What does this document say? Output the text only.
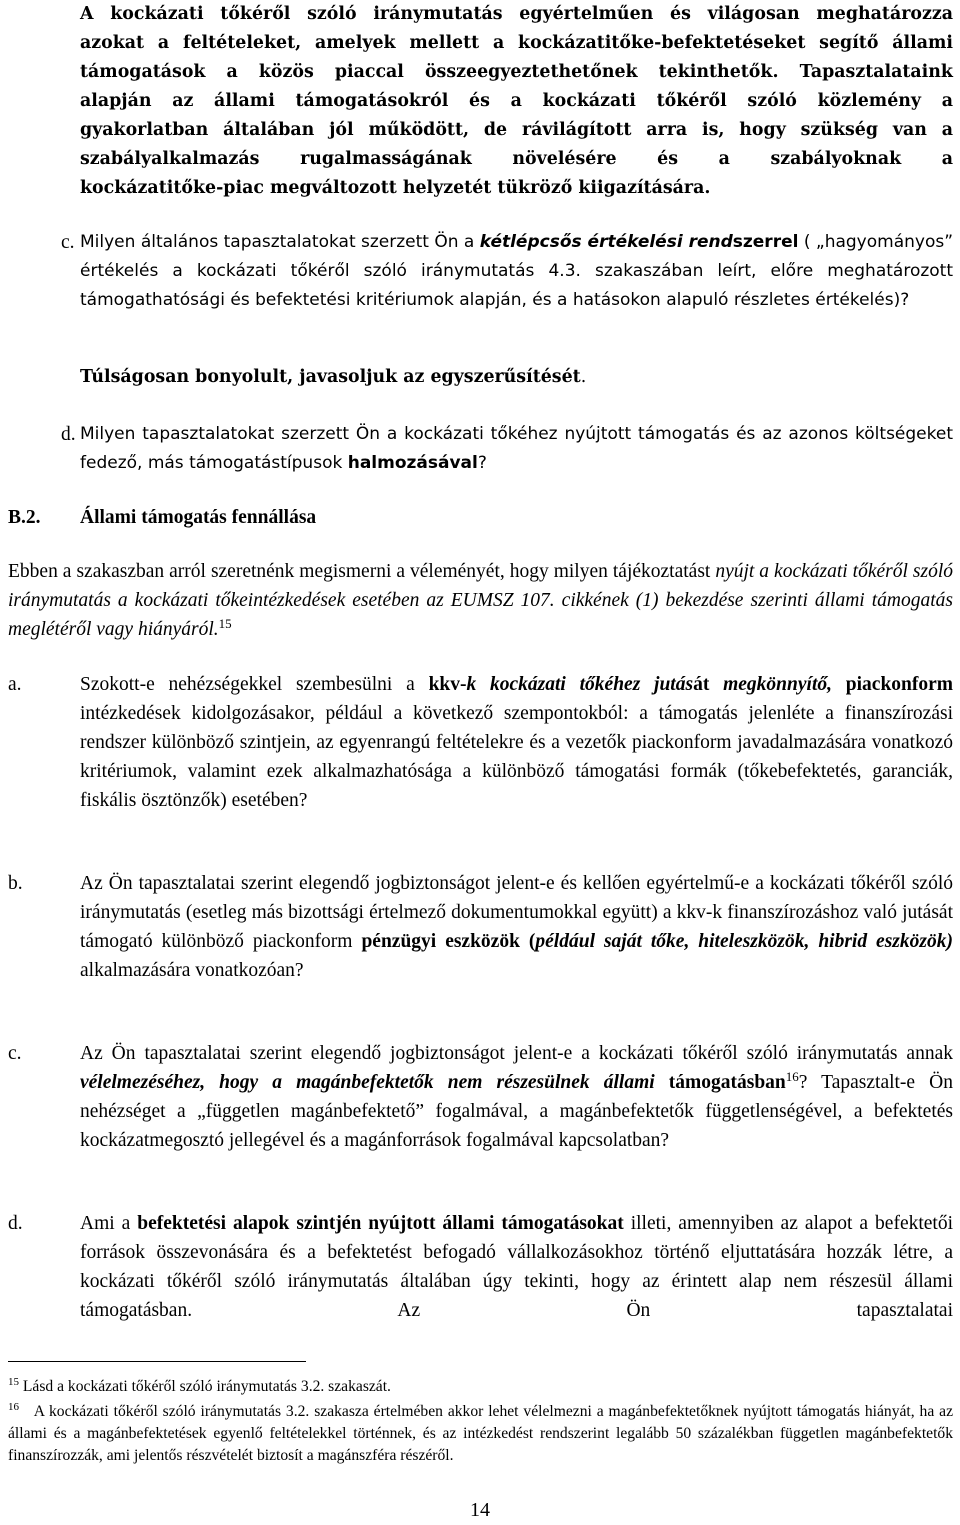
A kockázati tőkéről szóló iránymutatás egyértelműen és világosan meghatározza

azokat a feltételeket, amelyek mellett a kockázatitőke-befektetéseket segítő állami

támogatások a közös piaccal összeegyeztethetőnek tekinthetők. Tapasztalataink

alapján az állami támogatásokról és a kockázati tőkéről szóló közlemény a

gyakorlatban általában jól működött, de rávilágított arra is, hogy szükség van a

szabályalkalmazás rugalmasságának növelésére és a szabályoknak a

kockázatitőke-piac megváltozott helyzetét tükröző kiigazítására.

c. Milyen általános tapasztalatokat szerzett Ön a kétlépcsős értékelési rendszerrel ( „hagyományos” értékelés a kockázati tőkéről szóló iránymutatás 4.3. szakaszában leírt, előre meghatározott támogathatósági és befektetési kritériumok alapján, és a hatásokon alapuló részletes értékelés)?

Túlságosan bonyolult, javasoljuk az egyszerűsítését.

d. Milyen tapasztalatokat szerzett Ön a kockázati tőkéhez nyújtott támogatás és az azonos költségeket fedező, más támogatástípusok halmozásával?

B.2. Állami támogatás fennállása

Ebben a szakaszban arról szeretnénk megismerni a véleményét, hogy milyen tájékoztatást nyújt a kockázati tőkéről szóló iránymutatás a kockázati tőkeintézkedések esetében az EUMSZ 107. cikkének (1) bekezdése szerinti állami támogatás meglétéről vagy hiányáról.$^{15}$

a.	Szokott-e nehézségekkel szembesülni a kkv-k kockázati tőkéhez jutását megkönnyítő, piackonform intézkedések kidolgozásakor, például a következő szempontokból: a támogatás jelenléte a finanszírozási rendszer különböző szintjein, az egyenrangú feltételekre és a vezetők piackonform javadalmazására vonatkozó kritériumok, valamint ezek alkalmazhatósága a különböző támogatási formák (tőkebefektetés, garanciák, fiskális ösztönzők) esetében?

b.	Az Ön tapasztalatai szerint elegendő jogbiztonságot jelent-e és kellően egyértelmű-e a kockázati tőkéről szóló iránymutatás (esetleg más bizottsági értelmező dokumentumokkal együtt) a kkv-k finanszírozáshoz való jutását támogató különböző piackonform pénzügyi eszközök (például saját tőke, hiteleszközök, hibrid eszközök) alkalmazására vonatkozóan?

c.	Az Ön tapasztalatai szerint elegendő jogbiztonságot jelent-e a kockázati tőkéről szóló iránymutatás annak vélelmezéséhez, hogy a magánbefektetők nem részesülnek állami támogatásban$^{16}$? Tapasztalt-e Ön nehézséget a „független magánbefektető” fogalmával, a magánbefektetők függetlenségével, a befektetés kockázatmegosztó jellegével és a magánforrások fogalmával kapcsolatban?

d.	Ami a befektetési alapok szintjén nyújtott állami támogatásokat illeti, amennyiben az alapot a befektetői források összevonására és a befektetést befogadó vállalkozásokhoz történő eljuttatására hozzák létre, a kockázati tőkéről szóló iránymutatás általában úgy tekinti, hogy az érintett alap nem részesül állami támogatásban. Az Ön tapasztalatai

$^{15}$ Lásd a kockázati tőkéről szóló iránymutatás 3.2. szakaszát.

$^{16}$ A kockázati tőkéről szóló iránymutatás 3.2. szakasza értelmében akkor lehet vélelmezni a magánbefektetőknek nyújtott támogatás hiányát, ha az állami és a magánbefektetések egyenlő feltételekkel történnek, és az intézkedést rendszerint legalább 50 százalékban független magánbefektetők finanszírozzák, ami jelentős részvételét biztosít a magánszféra részéről.

14
